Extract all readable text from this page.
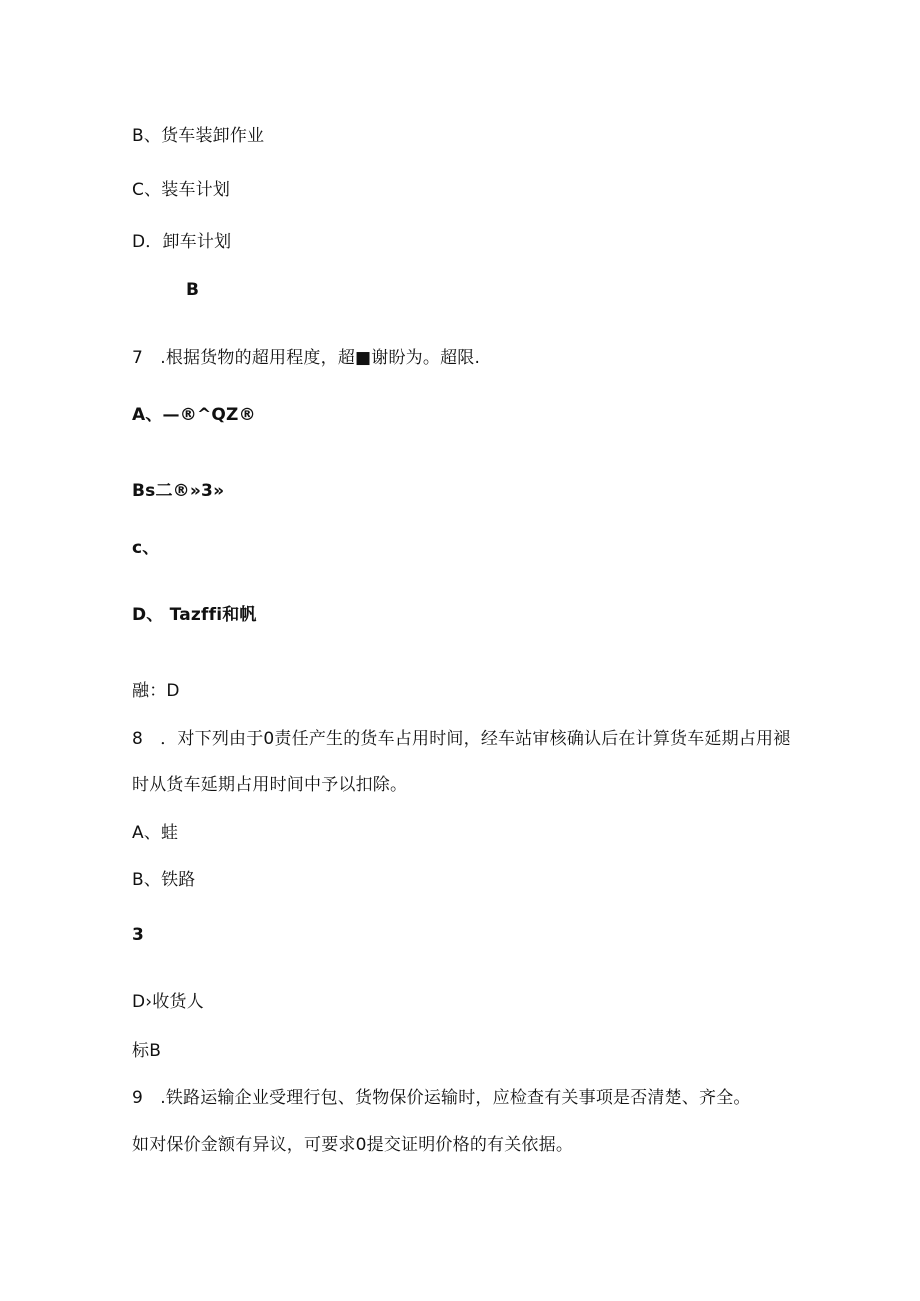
B、货车装卸作业
C、装车计划
D．卸车计划
B
7　.根据货物的超用程度，超■谢盼为。超限.
A、—®^QZ®
Bs二®»3»
c、
D、 Tazffi和帆
融：D
8　．对下列由于0责任产生的货车占用时间，经车站审核确认后在计算货车延期占用褪
时从货车延期占用时间中予以扣除。
A、蛙
B、铁路
3
D›收货人
标B
9　.铁路运输企业受理行包、货物保价运输时，应检查有关事项是否清楚、齐全。
如对保价金额有异议，可要求0提交证明价格的有关依据。
